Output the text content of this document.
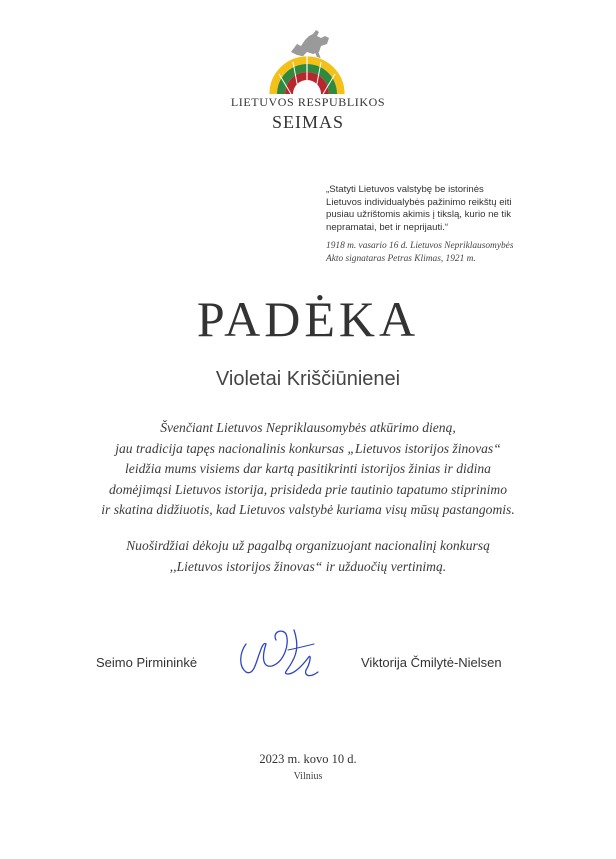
LIETUVOS RESPUBLIKOS
SEIMAS
„Statyti Lietuvos valstybę be istorinės
Lietuvos individualybės pažinimo reikštų eiti
pusiau užrištomis akimis į tikslą, kurio ne tik
nepramatai, bet ir neprijauti.“
1918 m. vasario 16 d. Lietuvos Nepriklausomybės
Akto signataras Petras Klimas, 1921 m.
PADĖKA
Violetai Kriščiūnienei
Švenčiant Lietuvos Nepriklausomybės atkūrimo dieną,
jau tradicija tapęs nacionalinis konkursas „Lietuvos istorijos žinovas“
leidžia mums visiems dar kartą pasitikrinti istorijos žinias ir didina
domėjimąsi Lietuvos istorija, prisideda prie tautinio tapatumo stiprinimo
ir skatina didžiuotis, kad Lietuvos valstybė kuriama visų mūsų pastangomis.
Nuoširdžiai dėkoju už pagalbą organizuojant nacionalinį konkursą
,,Lietuvos istorijos žinovas“ ir užduočių vertinimą.
Seimo Pirmininkė	Viktorija Čmilytė-Nielsen
2023 m. kovo 10 d.
Vilnius
